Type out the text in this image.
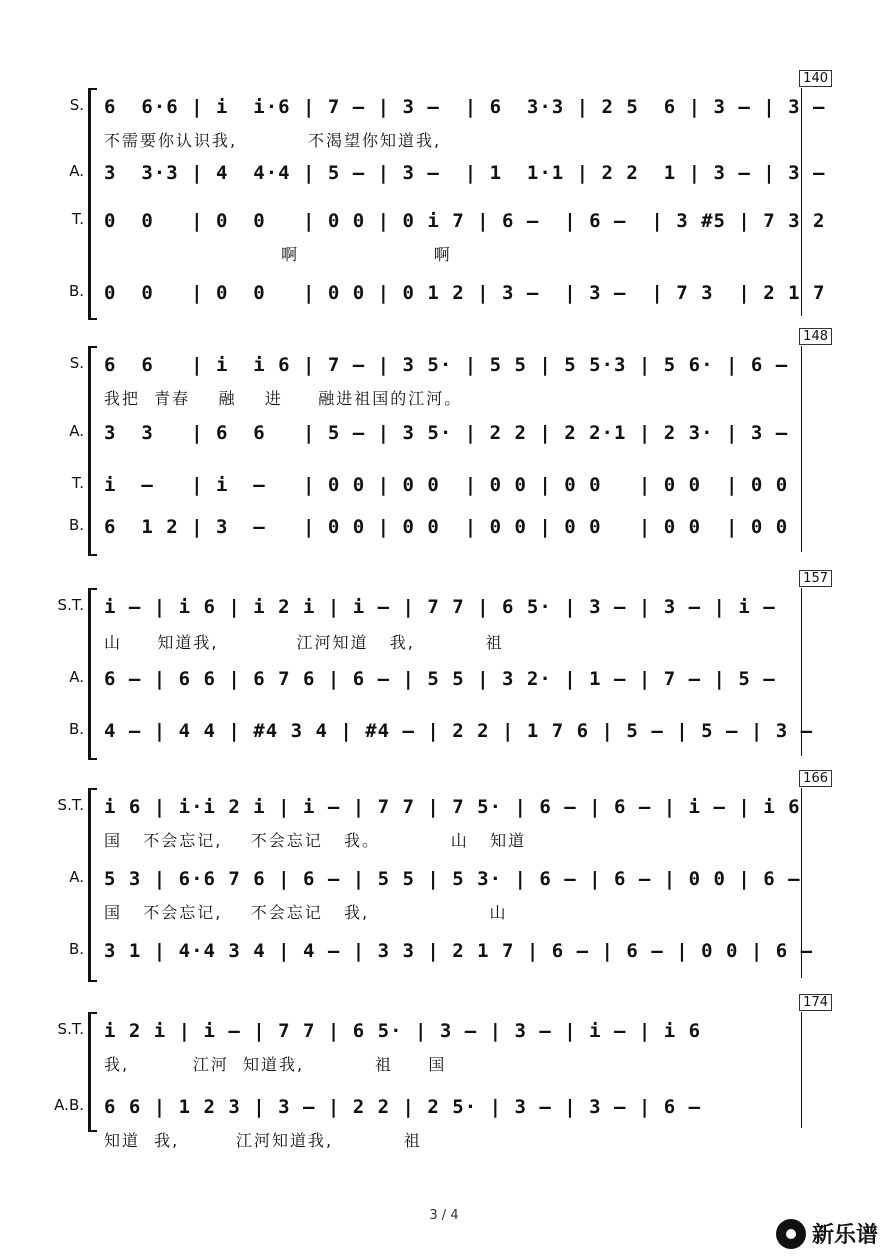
140
S. 6  6·6 | i  i·6 | 7 – | 3 –  | 6  3·3 | 2 5  6 | 3 – | 3 –
不需要你认识我,          不渴望你知道我,
A. 3  3·3 | 4  4·4 | 5 – | 3 –  | 1  1·1 | 2 2  1 | 3 – | 3 –
T. 0  0   | 0  0   | 0 0 | 0 i 7 | 6 –  | 6 –  | 3 #5 | 7 3 2
啊                   啊
B. 0  0   | 0  0   | 0 0 | 0 1 2 | 3 –  | 3 –  | 7 3  | 2 1 7
148
S. 6  6   | i  i 6 | 7 – | 3 5· | 5 5 | 5 5·3 | 5 6· | 6 –
我把  青春    融    进     融进祖国的江河。
A. 3  3   | 6  6   | 5 – | 3 5· | 2 2 | 2 2·1 | 2 3· | 3 –
T. i  –   | i  –   | 0 0 | 0 0  | 0 0 | 0 0   | 0 0  | 0 0
B. 6  1 2 | 3  –   | 0 0 | 0 0  | 0 0 | 0 0   | 0 0  | 0 0
157
S.T. i – | i 6 | i 2 i | i – | 7 7 | 6 5· | 3 – | 3 – | i –
山     知道我,           江河知道   我,          祖
A. 6 – | 6 6 | 6 7 6 | 6 – | 5 5 | 3 2· | 1 – | 7 – | 5 –
B. 4 – | 4 4 | #4 3 4 | #4 – | 2 2 | 1 7 6 | 5 – | 5 – | 3 –
166
S.T. i 6 | i·i 2 i | i – | 7 7 | 7 5· | 6 – | 6 – | i – | i 6
国   不会忘记,    不会忘记   我。          山   知道
A. 5 3 | 6·6 7 6 | 6 – | 5 5 | 5 3· | 6 – | 6 – | 0 0 | 6 –
国   不会忘记,    不会忘记   我,                 山
B. 3 1 | 4·4 3 4 | 4 – | 3 3 | 2 1 7 | 6 – | 6 – | 0 0 | 6 –
174
S.T. i 2 i | i – | 7 7 | 6 5· | 3 – | 3 – | i – | i 6
我,         江河  知道我,          祖     国
A.B. 6 6 | 1 2 3 | 3 – | 2 2 | 2 5· | 3 – | 3 – | 6 –
知道  我,        江河知道我,          祖
3 / 4
新乐谱
